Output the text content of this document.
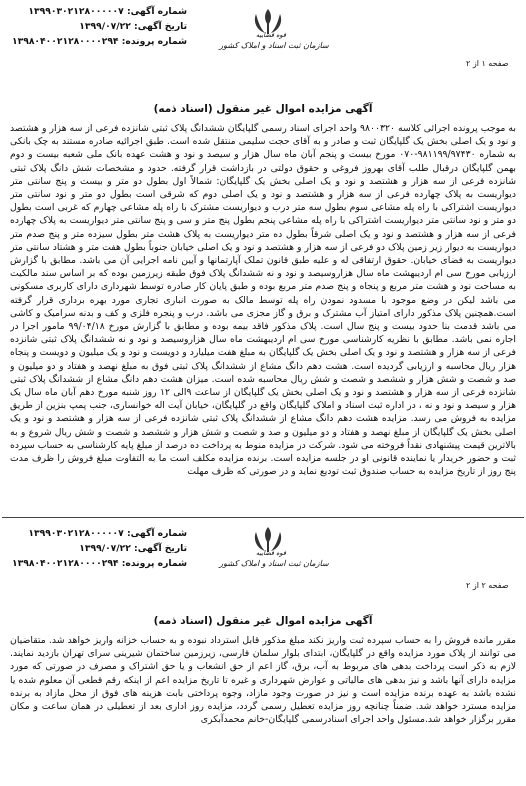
شماره آگهی: ۱۳۹۹۰۳۰۲۱۲۸۰۰۰۰۰۷
تاریخ آگهی: ۱۳۹۹/۰۷/۲۲
شماره پرونده: ۱۳۹۸۰۴۰۰۲۱۲۸۰۰۰۰۲۹۴
قوه قضاییه
سازمان ثبت اسناد و املاک کشور
صفحه ۱ از ۲
آگهی مزایده اموال غیر منقول (اسناد ذمه)
به موجب پرونده اجرائی کلاسه ۹۸۰۰۳۲۰ واحد اجرای اسناد رسمی گلپایگان ششدانگ پلاک ثبتی شانزده فرعی از سه هزار و هشتصد و نود و یک اصلی بخش یک گلپایگان ثبت و صادر و به آقای حجت سلیمی منتقل شده است. طبق اجرائیه صادره مستند به چک بانکی به شماره ۹۸۱۱۹۹/۹۷۴۳۰-۰۷۰ مورخ بیست و پنجم آبان ماه سال هزار و سیصد و نود و هشت عهده بانک ملی شعبه بیست و دوم بهمن گلپایگان درقبال طلب آقای بهروز فروغی و حقوق دولتی در بازداشت قرار گرفته. حدود و مشخصات شش دانگ پلاک ثبتی شانزده فرعی از سه هزار و هشتصد و نود و یک اصلی بخش یک گلپایگان: شمالاً اول بطول دو متر و بیست و پنج سانتی متر دیواریست به پلاک چهارده فرعی از سه هزار و هشتصد و نود و یک اصلی دوم که شرقی است بطول دو متر و نود سانتی متر دیواریست اشتراکی با راه پله مشاعی سوم بطول سه متر درب و دیواریست مشترک با راه پله مشاعی چهارم که غربی است بطول دو متر و نود سانتی متر دیواریست اشتراکی با راه پله مشاعی پنجم بطول پنج متر و سی و پنج سانتی متر دیواریست به پلاک چهارده فرعی از سه هزار و هشتصد و نود و یک اصلی شرقاً بطول ده متر دیواریست به پلاک هشت متر بطول سیزده متر و پنج صدم متر دیواریست به دیوار زیر زمین پلاک دو فرعی از سه هزار و هشتصد و نود و یک اصلی خیابان جنوباً بطول هفت متر و هشتاد سانتی متر دیواریست به فضای خیابان. حقوق ارتفاقی له و علیه طبق قانون تملک آپارتمانها و آیین نامه اجرایی آن می باشد. مطابق با گزارش ارزیابی مورخ سی ام اردیبهشت ماه سال هزاروسیصد و نود و نه ششدانگ پلاک فوق طبقه زیرزمین بوده که بر اساس سند مالکیت به مساحت نود و هشت متر مربع و پنجاه و پنج صدم متر مربع بوده و طبق پایان کار صادره توسط شهرداری دارای کاربری مسکونی می باشد لیکن در وضع موجود با مسدود نمودن راه پله توسط مالک به صورت انباری تجاری مورد بهره برداری قرار گرفته است.همچنین پلاک مذکور دارای امتیاز آب مشترک و برق و گاز مجزی می باشد. درب و پنجره فلزی و کف و بدنه سرامیک و کاشی می باشد قدمت بنا حدود بیست و پنج سال است. پلاک مذکور فاقد بیمه بوده و مطابق با گزارش مورخ ۹۹/۰۴/۱۸ مامور اجرا در اجاره نمی باشد. مطابق با نظریه کارشناسی مورخ سی ام اردیبهشت ماه سال هزاروسیصد و نود و نه ششدانگ پلاک ثبتی شانزده فرعی از سه هزار و هشتصد و نود و یک اصلی بخش یک گلپایگان به مبلغ هفت میلیارد و دویست و نود و یک میلیون و دویست و پنجاه هزار ریال محاسبه و ارزیابی گردیده است. هشت دهم دانگ مشاع از ششدانگ پلاک ثبتی فوق به مبلغ نهصد و هفتاد و دو میلیون و صد و شصت و شش هزار و ششصد و شصت و شش ریال محاسبه شده است. میزان هشت دهم دانگ مشاع از ششدانگ پلاک ثبتی شانزده فرعی از سه هزار و هشتصد و نود و یک اصلی بخش یک گلپایگان از ساعت ۹الی ۱۲ روز شنبه مورخ دهم آبان ماه سال یک هزار و سیصد و نود و نه ، در اداره ثبت اسناد و املاک گلپایگان واقع در گلپایگان، خیابان آیت اله خوانساری، جنب پمپ بنزین از طریق مزایده به فروش می رسد. مزایده هشت دهم دانگ مشاع از ششدانگ پلاک ثبتی شانزده فرعی از سه هزار و هشتصد و نود و یک اصلی بخش یک گلپایگان از مبلغ نهصد و هفتاد و دو میلیون و صد و شصت و شش هزار و ششصد و شصت و شش ریال شروع و به بالاترین قیمت پیشنهادی نقداً فروخته می شود. شرکت در مزایده منوط به پرداخت ده درصد از مبلغ پایه کارشناسی به حساب سپرده ثبت و حضور خریدار یا نماینده قانونی او در جلسه مزایده است. برنده مزایده مکلف است ما به التفاوت مبلغ فروش را ظرف مدت پنج روز از تاریخ مزایده به حساب صندوق ثبت تودیع نماید و در صورتی که ظرف مهلت
شماره آگهی: ۱۳۹۹۰۳۰۲۱۲۸۰۰۰۰۰۷
تاریخ آگهی: ۱۳۹۹/۰۷/۲۲
شماره پرونده: ۱۳۹۸۰۴۰۰۲۱۲۸۰۰۰۰۲۹۴
قوه قضاییه
سازمان ثبت اسناد و املاک کشور
صفحه ۲ از ۲
آگهی مزایده اموال غیر منقول (اسناد ذمه)
مقرر مانده فروش را به حساب سپرده ثبت واریز نکند مبلغ مذکور قابل استرداد نبوده و به حساب خزانه واریز خواهد شد. متقاضیان می توانند از پلاک مورد مزایده واقع در گلپایگان، ابتدای بلوار سلمان فارسی، زیرزمین ساختمان شیرینی سرای تهران بازدید نمایند. لازم به ذکر است پرداخت بدهی های مربوط به آب، برق، گاز اعم از حق انشعاب و یا حق اشتراک و مصرف در صورتی که مورد مزایده دارای آنها باشد و نیز بدهی های مالیاتی و عوارض شهرداری و غیره تا تاریخ مزایده اعم از اینکه رقم قطعی آن معلوم شده یا نشده باشد به عهده برنده مزایده است و نیز در صورت وجود مازاد، وجوه پرداختی بابت هزینه های فوق از محل مازاد به برنده مزایده مسترد خواهد شد. ضمناً چنانچه روز مزایده تعطیل رسمی گردد، مزایده روز اداری بعد از تعطیلی در همان ساعت و مکان مقرر برگزار خواهد شد.مسئول واحد اجرای اسنادرسمی گلپایگان-خانم محمدآبکری
